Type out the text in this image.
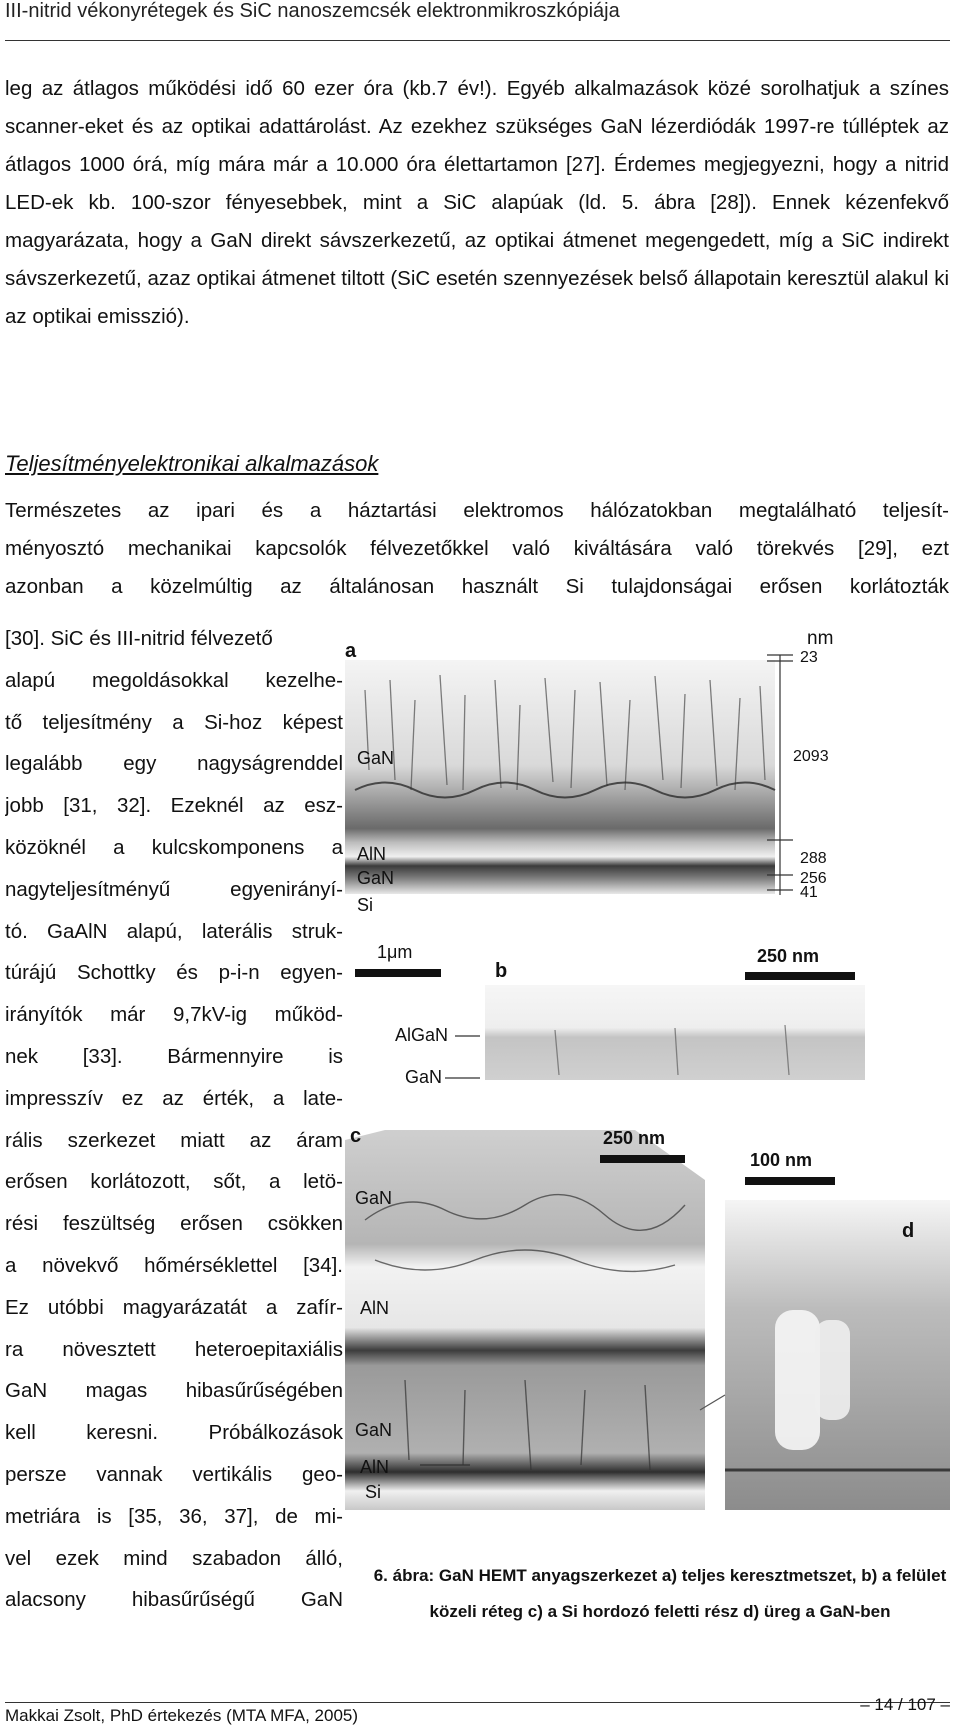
III-nitrid vékonyrétegek és SiC nanoszemcsék elektronmikroszkópiája

leg az átlagos működési idő 60 ezer óra (kb.7 év!). Egyéb alkalmazások közé sorolhatjuk a színes scanner-eket és az optikai adattárolást. Az ezekhez szükséges GaN lézerdiódák 1997-re túlléptek az átlagos 1000 órá, míg mára már a 10.000 óra élettartamon [27]. Érdemes megjegyezni, hogy a nitrid LED-ek kb. 100-szor fényesebbek, mint a SiC alapúak (ld. 5. ábra [28]). Ennek kézenfekvő magyarázata, hogy a GaN direkt sávszerkezetű, az optikai átmenet megengedett, míg a SiC indirekt sávszerkezetű, azaz optikai átmenet tiltott (SiC esetén szennyezések belső állapotain keresztül alakul ki az optikai emisszió).

Teljesítményelektronikai alkalmazások
Természetes az ipari és a háztartási elektromos hálózatokban megtalálható teljesít-
ményosztó mechanikai kapcsolók félvezetőkkel való kiváltására való törekvés [29], ezt
azonban a közelmúltig az általánosan használt Si tulajdonságai erősen korlátozták
[30]. SiC és III-nitrid félvezető
alapú megoldásokkal kezelhe-
tő teljesítmény a Si-hoz képest
legalább egy nagyságrenddel
jobb [31, 32]. Ezeknél az esz-
közöknél a kulcskomponens a
nagyteljesítményű egyenirányí-
tó. GaAlN alapú, laterális struk-
túrájú Schottky és p-i-n egyen-
irányítók már 9,7kV-ig működ-
nek [33]. Bármennyire is
impresszív ez az érték, a late-
rális szerkezet miatt az áram
erősen korlátozott, sőt, a letö-
rési feszültség erősen csökken
a növekvő hőmérséklettel [34].
Ez utóbbi magyarázatát a zafír-
ra növesztett heteroepitaxiális
GaN magas hibasűrűségében
kell keresni. Próbálkozások
persze vannak vertikális geo-
metriára is [35, 36, 37], de mi-
vel ezek mind szabadon álló,
alacsony hibasűrűségű GaN
a
nm
23
2093
288
256
41
GaN
AlN
GaN
Si
1μm
b
250 nm
AlGaN
GaN
c	250 nm
GaN
AlN
GaN
AlN
Si
d
100 nm
6. ábra: GaN HEMT anyagszerkezet a) teljes keresztmetszet, b) a felület közeli réteg c) a Si hordozó feletti rész d) üreg a GaN-ben
Makkai Zsolt, PhD értekezés (MTA MFA, 2005)
– 14 / 107 –
